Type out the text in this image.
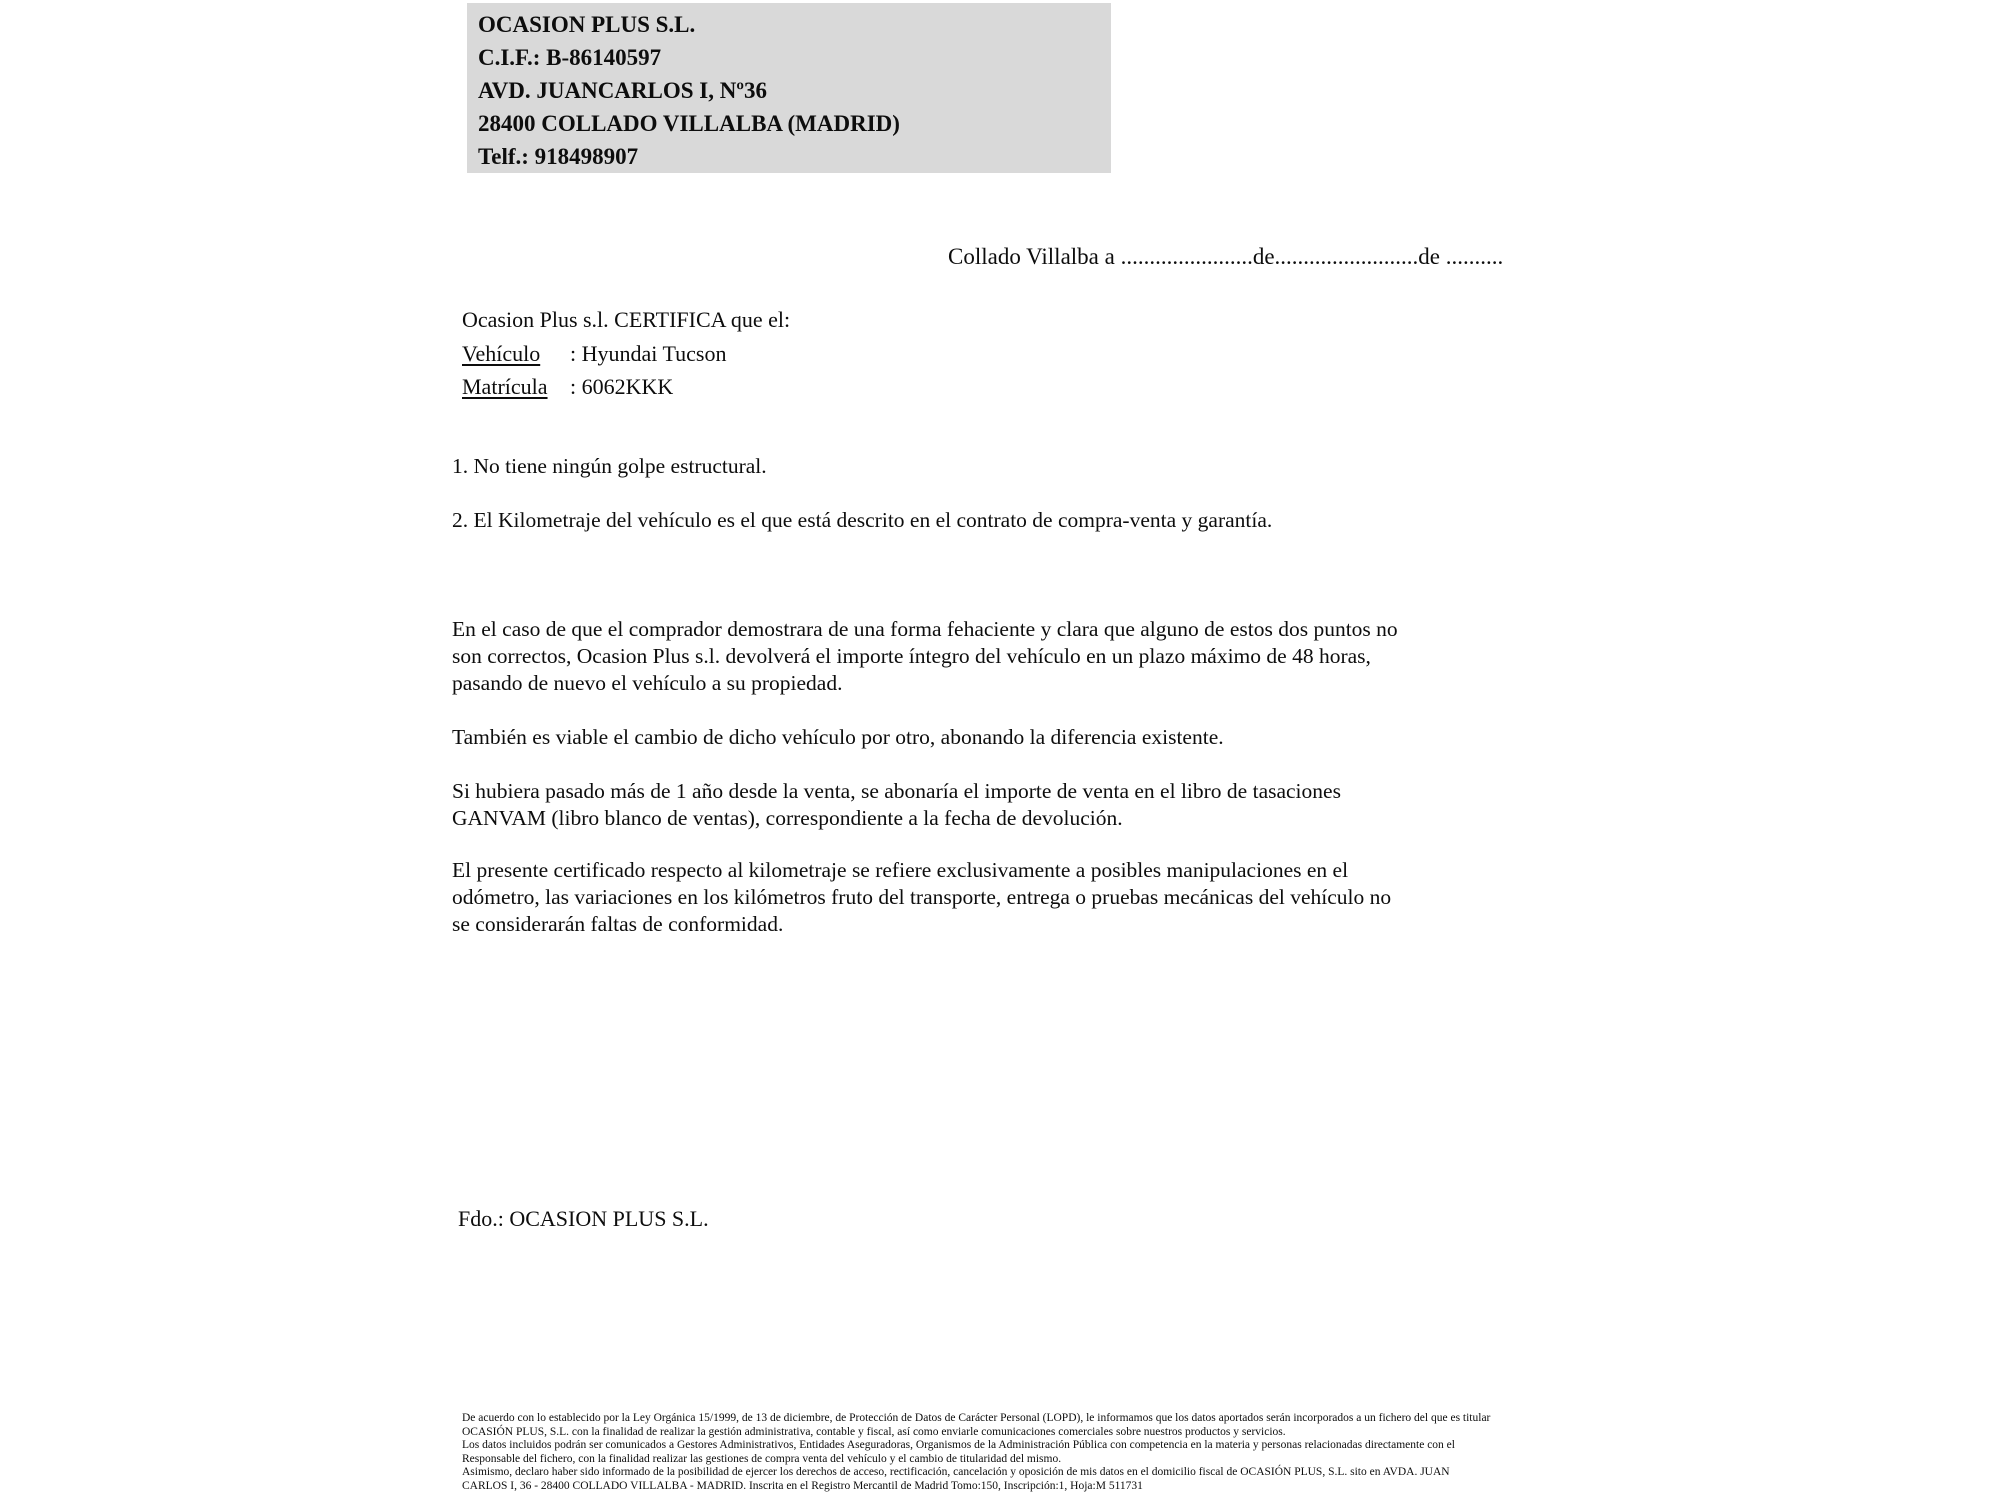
OCASION PLUS S.L.
C.I.F.: B-86140597
AVD. JUANCARLOS I, Nº36
28400 COLLADO VILLALBA (MADRID)
Telf.: 918498907
Collado Villalba a .......................de.........................de ..........
Ocasion Plus s.l. CERTIFICA que el:
Vehículo : Hyundai Tucson
Matrícula : 6062KKK
1. No tiene ningún golpe estructural.
2. El Kilometraje del vehículo es el que está descrito en el contrato de compra-venta y garantía.
En el caso de que el comprador demostrara de una forma fehaciente y clara que alguno de estos dos puntos no
son correctos, Ocasion Plus s.l. devolverá el importe íntegro del vehículo en un plazo máximo de 48 horas,
pasando de nuevo el vehículo a su propiedad.
También es viable el cambio de dicho vehículo por otro, abonando la diferencia existente.
Si hubiera pasado más de 1 año desde la venta, se abonaría el importe de venta en el libro de tasaciones
GANVAM (libro blanco de ventas), correspondiente a la fecha de devolución.
El presente certificado respecto al kilometraje se refiere exclusivamente a posibles manipulaciones en el
odómetro, las variaciones en los kilómetros fruto del transporte, entrega o pruebas mecánicas del vehículo no
se considerarán faltas de conformidad.
Fdo.: OCASION PLUS S.L.
De acuerdo con lo establecido por la Ley Orgánica 15/1999, de 13 de diciembre, de Protección de Datos de Carácter Personal (LOPD), le informamos que los datos aportados serán incorporados a un fichero del que es titular
OCASIÓN PLUS, S.L. con la finalidad de realizar la gestión administrativa, contable y fiscal, así como enviarle comunicaciones comerciales sobre nuestros productos y servicios.
Los datos incluidos podrán ser comunicados a Gestores Administrativos, Entidades Aseguradoras, Organismos de la Administración Pública con competencia en la materia y personas relacionadas directamente con el
Responsable del fichero, con la finalidad realizar las gestiones de compra venta del vehículo y el cambio de titularidad del mismo.
Asimismo, declaro haber sido informado de la posibilidad de ejercer los derechos de acceso, rectificación, cancelación y oposición de mis datos en el domicilio fiscal de OCASIÓN PLUS, S.L. sito en AVDA. JUAN
CARLOS I, 36 - 28400 COLLADO VILLALBA - MADRID. Inscrita en el Registro Mercantil de Madrid Tomo:150, Inscripción:1, Hoja:M 511731
